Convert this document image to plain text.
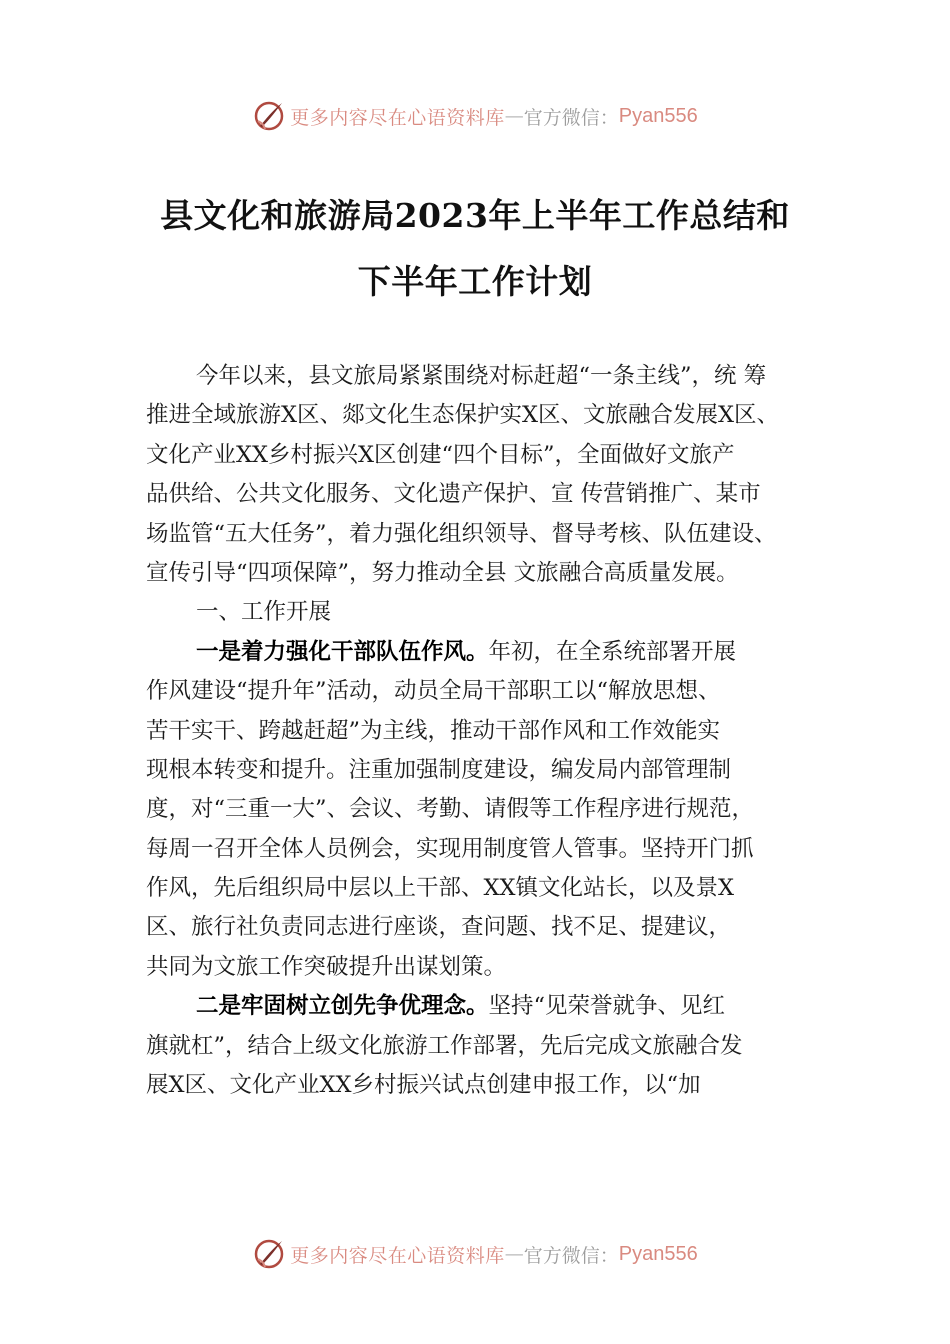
更多内容尽在心语资料库 — 官方微信： Pyan556
县文化和旅游局2023年上半年工作总结和
下半年工作计划
今年以来，县文旅局紧紧围绕对标赶超“一条主线”，统 筹
推进全域旅游X区、郯文化生态保护实X区、文旅融合发展X区、
文化产业XX乡村振兴X区创建“四个目标”，全面做好文旅产
品供给、公共文化服务、文化遗产保护、宣 传营销推广、某市
场监管“五大任务”，着力强化组织领导、督导考核、队伍建设、
宣传引导“四项保障”，努力推动全县 文旅融合高质量发展。
一、工作开展
一是着力强化干部队伍作风。年初，在全系统部署开展
作风建设“提升年”活动，动员全局干部职工以“解放思想、
苦干实干、跨越赶超”为主线，推动干部作风和工作效能实
现根本转变和提升。注重加强制度建设，编发局内部管理制
度，对“三重一大”、会议、考勤、请假等工作程序进行规范，
每周一召开全体人员例会，实现用制度管人管事。坚持开门抓
作风，先后组织局中层以上干部、XX镇文化站长，以及景X
区、旅行社负责同志进行座谈，查问题、找不足、提建议，
共同为文旅工作突破提升出谋划策。
二是牢固树立创先争优理念。坚持“见荣誉就争、见红
旗就杠”，结合上级文化旅游工作部署，先后完成文旅融合发
展X区、文化产业XX乡村振兴试点创建申报工作，以“加
更多内容尽在心语资料库 — 官方微信： Pyan556
